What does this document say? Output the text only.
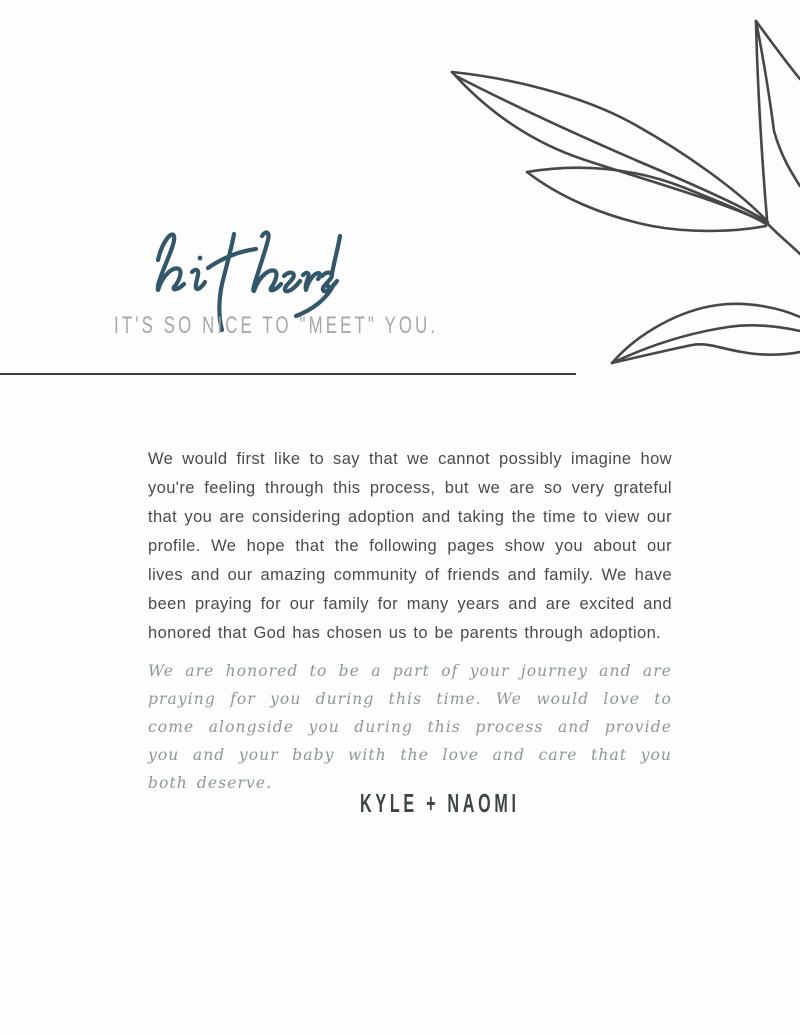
IT'S SO NICE TO "MEET" YOU.

We would first like to say that we cannot possibly imagine how you're feeling through this process, but we are so very grateful that you are considering adoption and taking the time to view our profile. We hope that the following pages show you about our lives and our amazing community of friends and family. We have been praying for our family for many years and are excited and honored that God has chosen us to be parents through adoption.

We are honored to be a part of your journey and are praying for you during this time. We would love to come alongside you during this process and provide you and your baby with the love and care that you both deserve.

KYLE + NAOMI
